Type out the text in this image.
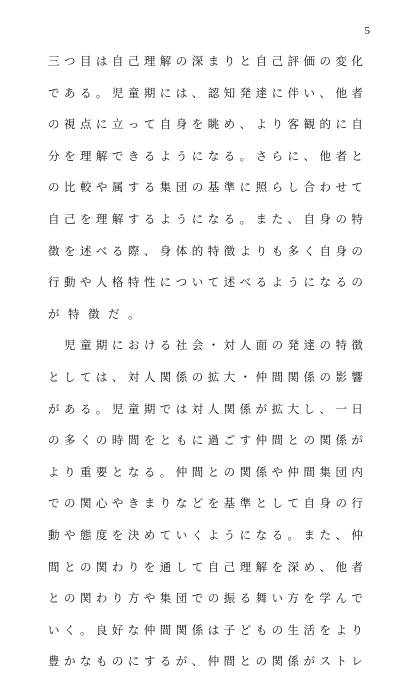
5
三 つ 目 は 自 己 理 解 の 深 ま り と 自 己 評 価 の 変 化
で あ る 。 児 童 期 に は 、 認 知 発 達 に 伴 い 、 他 者
の 視 点 に 立 っ て 自 身 を 眺 め 、 よ り 客 観 的 に 自
分 を 理 解 で き る よ う に な る 。 さ ら に 、 他 者 と
の 比 較 や 属 す る 集 団 の 基 準 に 照 ら し 合 わ せ て
自 己 を 理 解 す る よ う に な る 。 ま た 、 自 身 の 特
徴 を 述 べ る 際 、 身 体 的 特 徴 よ り も 多 く 自 身 の
行 動 や 人 格 特 性 に つ い て 述 べ る よ う に な る の
が 特 徴 だ 。

児 童 期 に お け る 社 会 ・ 対 人 面 の 発 達 の 特 徴
と し て は 、 対 人 関 係 の 拡 大 ・ 仲 間 関 係 の 影 響
が あ る 。 児 童 期 で は 対 人 関 係 が 拡 大 し 、 一 日
の 多 く の 時 間 を と も に 過 ご す 仲 間 と の 関 係 が
よ り 重 要 と な る 。 仲 間 と の 関 係 や 仲 間 集 団 内
で の 関 心 や き ま り な ど を 基 準 と し て 自 身 の 行
動 や 態 度 を 決 め て い く よ う に な る 。 ま た 、 仲
間 と の 関 わ り を 通 し て 自 己 理 解 を 深 め 、 他 者
と の 関 わ り 方 や 集 団 で の 振 る 舞 い 方 を 学 ん で
い く 。 良 好 な 仲 間 関 係 は 子 ど も の 生 活 を よ り
豊 か な も の に す る が 、 仲 間 と の 関 係 が ス ト レ
